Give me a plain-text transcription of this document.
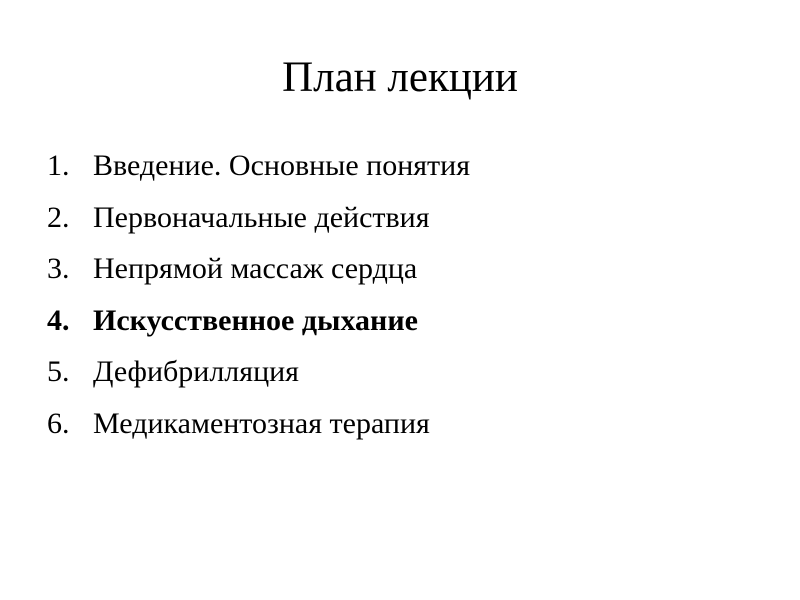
План лекции
1. Введение. Основные понятия
2. Первоначальные действия
3. Непрямой массаж сердца
4. Искусственное дыхание
5. Дефибрилляция
6. Медикаментозная терапия
